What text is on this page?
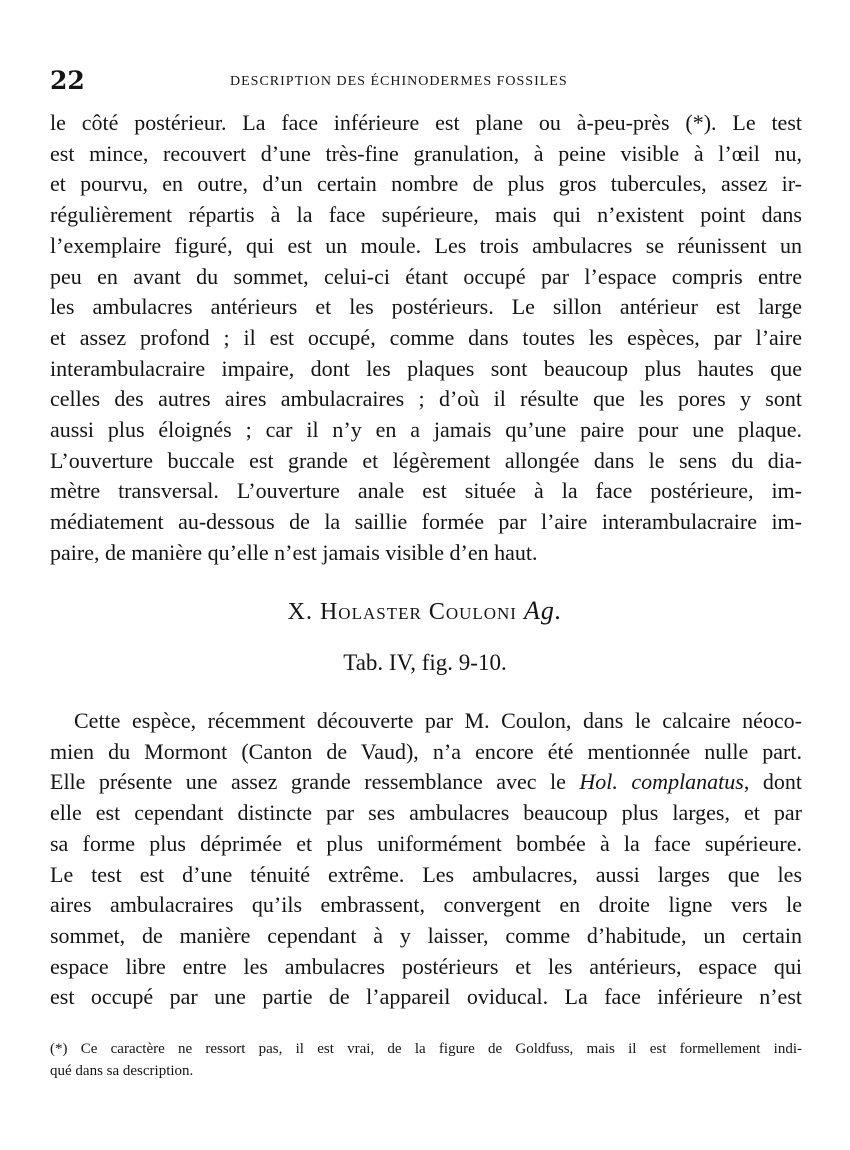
22	DESCRIPTION DES ÉCHINODERMES FOSSILES
le côté postérieur. La face inférieure est plane ou à-peu-près (*). Le test
est mince, recouvert d’une très-fine granulation, à peine visible à l’œil nu,
et pourvu, en outre, d’un certain nombre de plus gros tubercules, assez ir-
régulièrement répartis à la face supérieure, mais qui n’existent point dans
l’exemplaire figuré, qui est un moule. Les trois ambulacres se réunissent un
peu en avant du sommet, celui-ci étant occupé par l’espace compris entre
les ambulacres antérieurs et les postérieurs. Le sillon antérieur est large
et assez profond ; il est occupé, comme dans toutes les espèces, par l’aire
interambulacraire impaire, dont les plaques sont beaucoup plus hautes que
celles des autres aires ambulacraires ; d’où il résulte que les pores y sont
aussi plus éloignés ; car il n’y en a jamais qu’une paire pour une plaque.
L’ouverture buccale est grande et légèrement allongée dans le sens du dia-
mètre transversal. L’ouverture anale est située à la face postérieure, im-
médiatement au-dessous de la saillie formée par l’aire interambulacraire im-
paire, de manière qu’elle n’est jamais visible d’en haut.
X. Holaster Couloni Ag.
Tab. IV, fig. 9-10.
Cette espèce, récemment découverte par M. Coulon, dans le calcaire néoco-
mien du Mormont (Canton de Vaud), n’a encore été mentionnée nulle part.
Elle présente une assez grande ressemblance avec le Hol. complanatus, dont
elle est cependant distincte par ses ambulacres beaucoup plus larges, et par
sa forme plus déprimée et plus uniformément bombée à la face supérieure.
Le test est d’une ténuité extrême. Les ambulacres, aussi larges que les
aires ambulacraires qu’ils embrassent, convergent en droite ligne vers le
sommet, de manière cependant à y laisser, comme d’habitude, un certain
espace libre entre les ambulacres postérieurs et les antérieurs, espace qui
est occupé par une partie de l’appareil oviducal. La face inférieure n’est
(*) Ce caractère ne ressort pas, il est vrai, de la figure de Goldfuss, mais il est formellement indi-
qué dans sa description.
